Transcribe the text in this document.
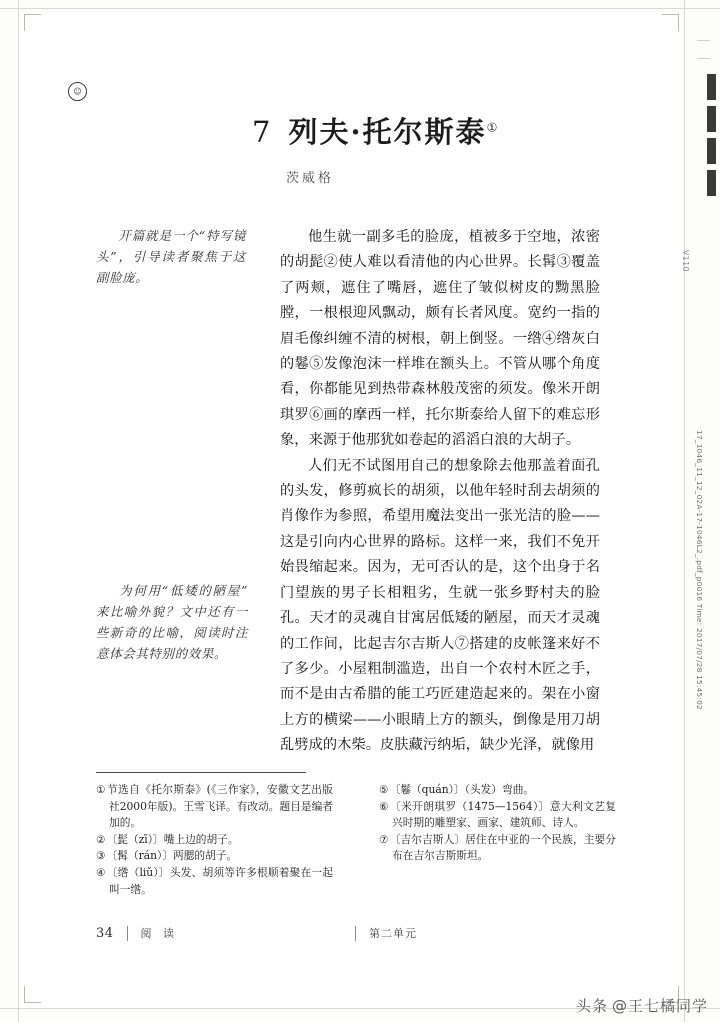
☺
7 列夫·托尔斯泰①
茨威格
开篇就是一个“特写镜头”，引导读者聚焦于这副脸庞。
为何用“低矮的陋屋”来比喻外貌？文中还有一些新奇的比喻，阅读时注意体会其特别的效果。

他生就一副多毛的脸庞，植被多于空地，浓密的胡髭②使人难以看清他的内心世界。长髯③覆盖了两颊，遮住了嘴唇，遮住了皱似树皮的黝黑脸膛，一根根迎风飘动，颇有长者风度。宽约一指的眉毛像纠缠不清的树根，朝上倒竖。一绺④绺灰白的鬈⑤发像泡沫一样堆在额头上。不管从哪个角度看，你都能见到热带森林般茂密的须发。像米开朗琪罗⑥画的摩西一样，托尔斯泰给人留下的难忘形象，来源于他那犹如卷起的滔滔白浪的大胡子。

人们无不试图用自己的想象除去他那盖着面孔的头发，修剪疯长的胡须，以他年轻时刮去胡须的肖像作为参照，希望用魔法变出一张光洁的脸——这是引向内心世界的路标。这样一来，我们不免开始畏缩起来。因为，无可否认的是，这个出身于名门望族的男子长相粗劣，生就一张乡野村夫的脸孔。天才的灵魂自甘寓居低矮的陋屋，而天才灵魂的工作间，比起吉尔吉斯人⑦搭建的皮帐篷来好不了多少。小屋粗制滥造，出自一个农村木匠之手，而不是由古希腊的能工巧匠建造起来的。架在小窗上方的横梁——小眼睛上方的额头，倒像是用刀胡乱劈成的木柴。皮肤藏污纳垢，缺少光泽，就像用

①节选自《托尔斯泰》(《三作家》，安徽文艺出版社2000年版)。王雪飞译。有改动。题目是编者加的。

②〔髭（zī）〕嘴上边的胡子。

③〔髯（rán）〕两腮的胡子。

④〔绺（liǔ）〕头发、胡须等许多根顺着聚在一起叫一绺。

⑤〔鬈（quán）〕（头发）弯曲。

⑥〔米开朗琪罗（1475—1564）〕意大利文艺复兴时期的雕塑家、画家、建筑师、诗人。

⑦〔吉尔吉斯人〕居住在中亚的一个民族，主要分布在吉尔吉斯斯坦。

34 阅 读	第二单元
17_1046_11_12_02A-17-1046L2_.pdf_p0016 Time: 2017/07/28 15:45:02
V110
头条 @王七橘同学
